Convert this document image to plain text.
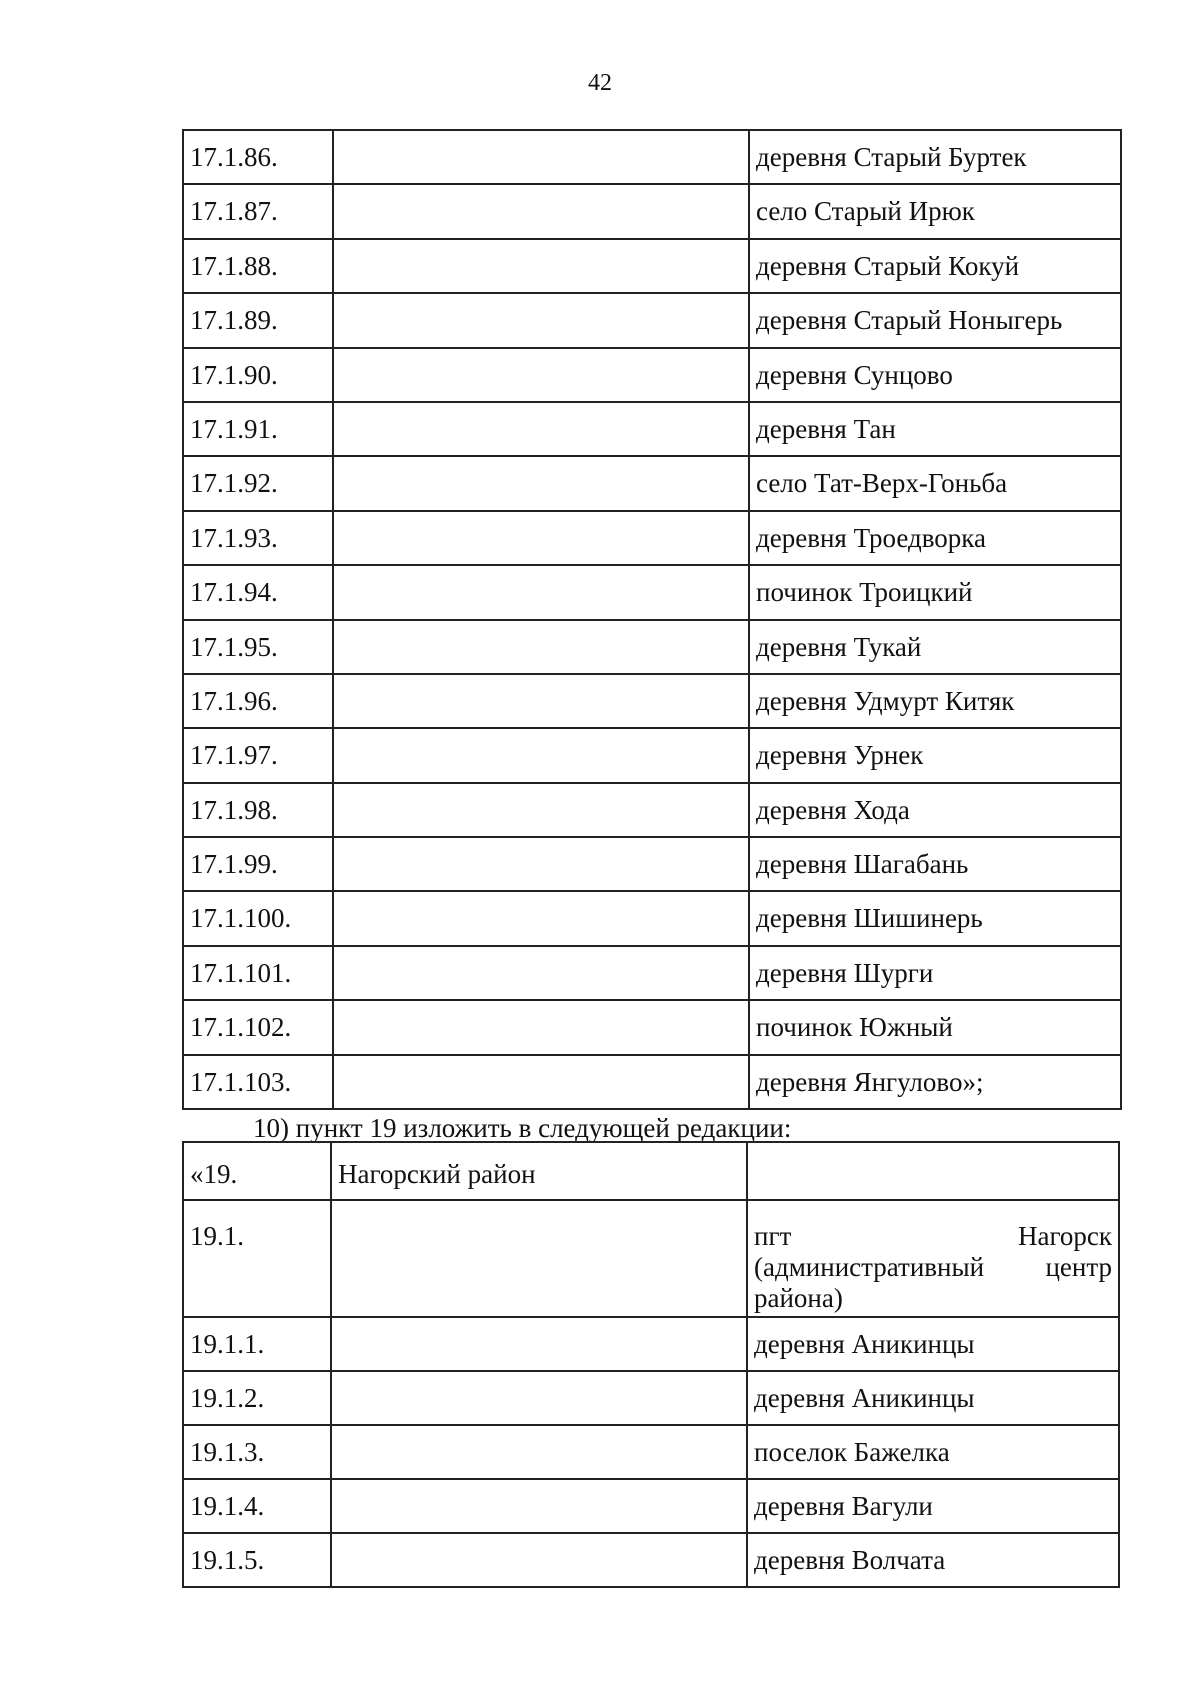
42
17.1.86.		деревня Старый Буртек
17.1.87.		село Старый Ирюк
17.1.88.		деревня Старый Кокуй
17.1.89.		деревня Старый Ноныгерь
17.1.90.		деревня Сунцово
17.1.91.		деревня Тан
17.1.92.		село Тат-Верх-Гоньба
17.1.93.		деревня Троедворка
17.1.94.		починок Троицкий
17.1.95.		деревня Тукай
17.1.96.		деревня Удмурт Китяк
17.1.97.		деревня Урнек
17.1.98.		деревня Хода
17.1.99.		деревня Шагабань
17.1.100.		деревня Шишинерь
17.1.101.		деревня Шурги
17.1.102.		починок Южный
17.1.103.		деревня Янгулово»;
10) пункт 19 изложить в следующей редакции:
«19.	Нагорский район	
19.1.		пгт Нагорск
(административный центр
района)

19.1.1.		деревня Аникинцы
19.1.2.		деревня Аникинцы
19.1.3.		поселок Бажелка
19.1.4.		деревня Вагули
19.1.5.		деревня Волчата
